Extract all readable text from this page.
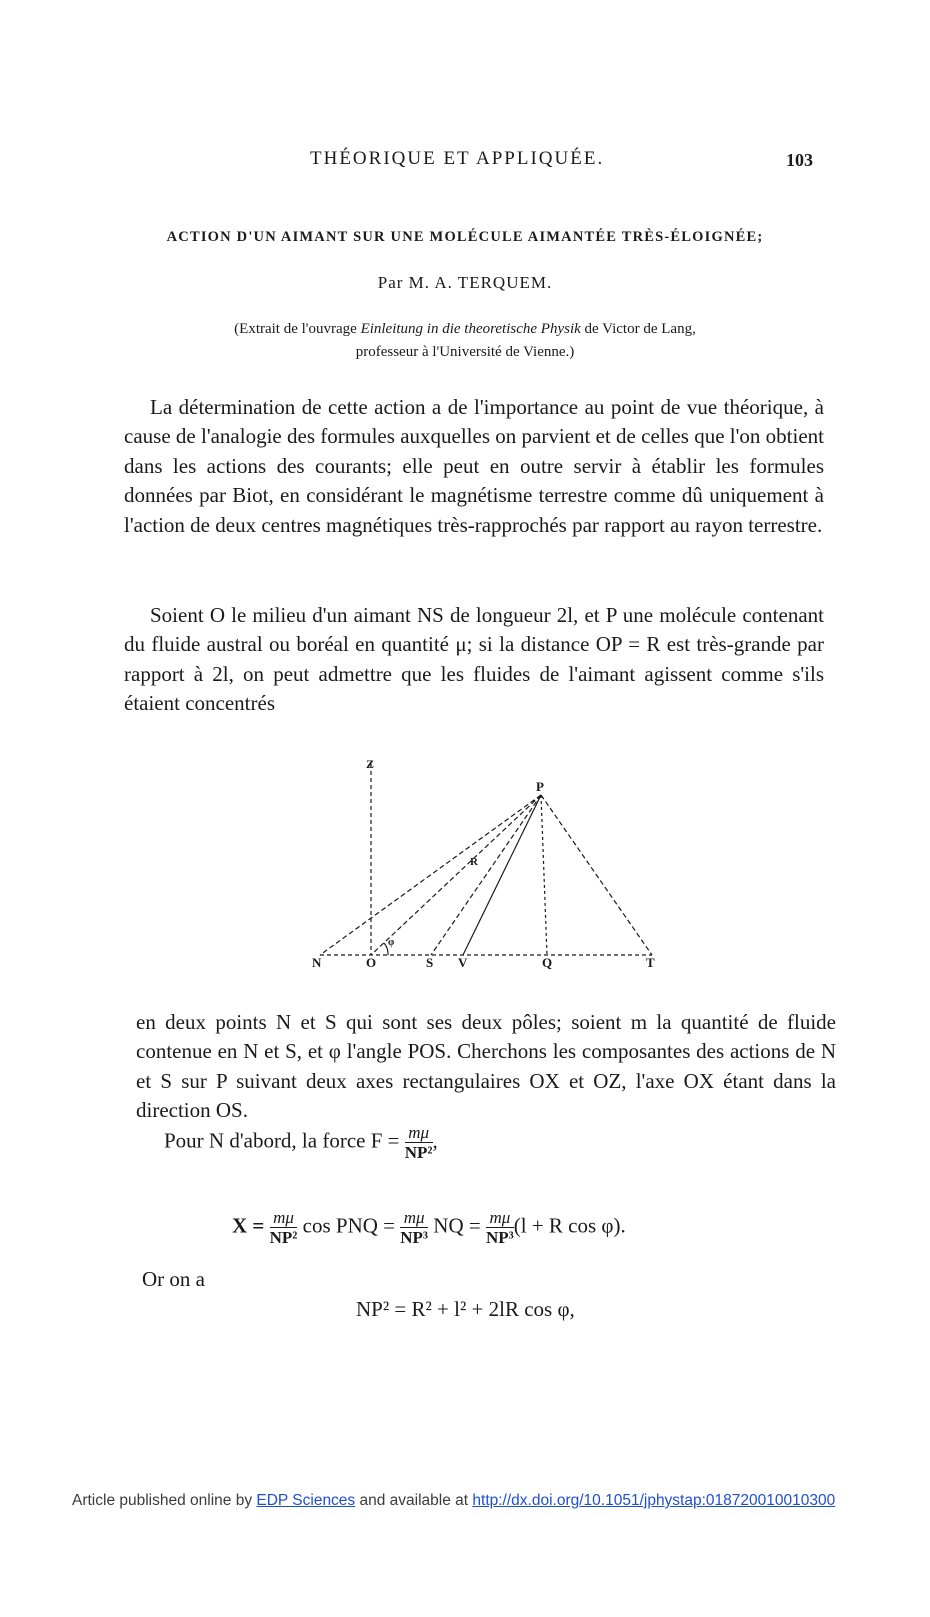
THÉORIQUE ET APPLIQUÉE.	103
ACTION D'UN AIMANT SUR UNE MOLÉCULE AIMANTÉE TRÈS-ÉLOIGNÉE;
Par M. A. TERQUEM.
(Extrait de l'ouvrage Einleitung in die theoretische Physik de Victor de Lang,
professeur à l'Université de Vienne.)
La détermination de cette action a de l'importance au point de vue théorique, à cause de l'analogie des formules auxquelles on parvient et de celles que l'on obtient dans les actions des courants; elle peut en outre servir à établir les formules données par Biot, en considérant le magnétisme terrestre comme dû uniquement à l'action de deux centres magnétiques très-rapprochés par rapport au rayon terrestre.
Soient O le milieu d'un aimant NS de longueur 2l, et P une molécule contenant du fluide austral ou boréal en quantité μ; si la distance OP = R est très-grande par rapport à 2l, on peut admettre que les fluides de l'aimant agissent comme s'ils étaient concentrés
Z
P
R
φ
N	O	S V	Q	T
en deux points N et S qui sont ses deux pôles; soient m la quantité de fluide contenue en N et S, et φ l'angle POS. Cherchons les composantes des actions de N et S sur P suivant deux axes rectangulaires OX et OZ, l'axe OX étant dans la direction OS.
Pour N d'abord, la force $F = \frac{m\mu}{\text{NP²}}$ ,
$X = \frac{m\mu}{\text{NP²}}$ cos PNQ = $\frac{m\mu}{\text{NP³}}$ NQ = $\frac{m\mu}{\text{NP³}} (l + R$ cos φ).
Or on a
NP² = R² + l² + 2lR cos φ,
Article published online by EDP Sciences and available at http://dx.doi.org/10.1051/jphystap:018720010010300
